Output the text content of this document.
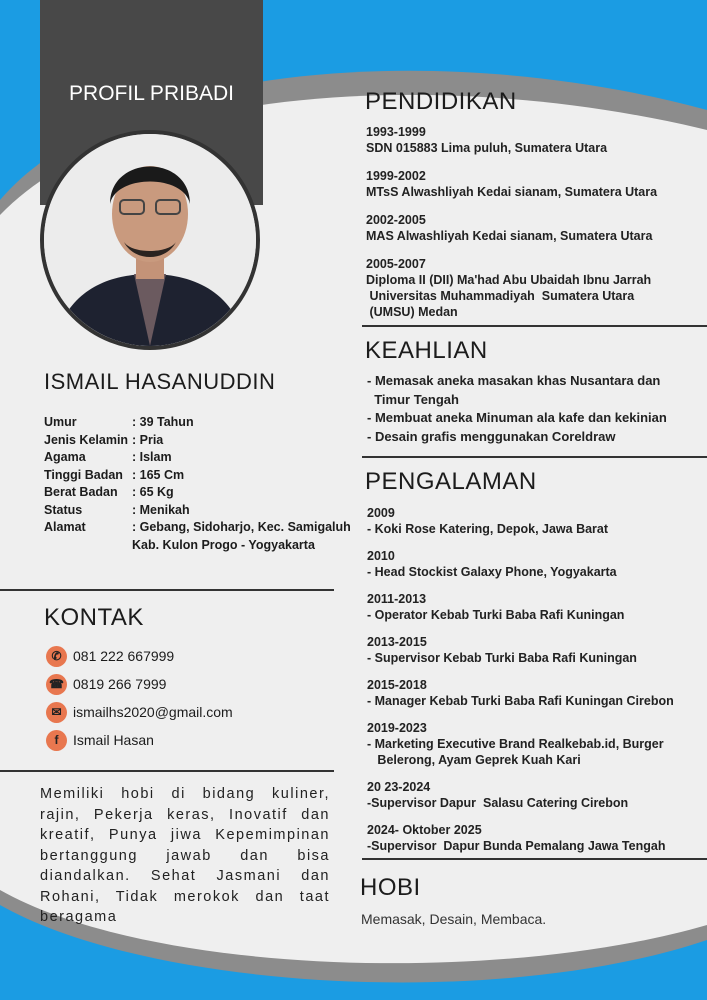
PROFIL PRIBADI
ISMAIL HASANUDDIN
Umur	: 39 Tahun
Jenis Kelamin	: Pria
Agama	: Islam
Tinggi Badan	: 165 Cm
Berat Badan	: 65 Kg
Status	: Menikah
Alamat	: Gebang, Sidoharjo, Kec. Samigaluh
Kab. Kulon Progo - Yogyakarta
KONTAK
✆ 081 222 667999
☎ 0819 266 7999
✉ ismailhs2020@gmail.com
f	Ismail Hasan
Memiliki hobi di bidang kuliner, rajin, Pekerja keras, Inovatif dan kreatif, Punya jiwa Kepemimpinan bertanggung jawab dan bisa diandalkan. Sehat Jasmani dan Rohani, Tidak merokok dan taat beragama
PENDIDIKAN
1993-1999
SDN 015883 Lima puluh, Sumatera Utara
1999-2002
MTsS Alwashliyah Kedai sianam, Sumatera Utara
2002-2005
MAS Alwashliyah Kedai sianam, Sumatera Utara
2005-2007
Diploma II (DII) Ma'had Abu Ubaidah Ibnu Jarrah
Universitas Muhammadiyah  Sumatera Utara
(UMSU) Medan
KEAHLIAN
- Memasak aneka masakan khas Nusantara dan
Timur Tengah
- Membuat aneka Minuman ala kafe dan kekinian
- Desain grafis menggunakan Coreldraw
PENGALAMAN
2009
- Koki Rose Katering, Depok, Jawa Barat
2010
- Head Stockist Galaxy Phone, Yogyakarta
2011-2013
- Operator Kebab Turki Baba Rafi Kuningan
2013-2015
- Supervisor Kebab Turki Baba Rafi Kuningan
2015-2018
- Manager Kebab Turki Baba Rafi Kuningan Cirebon
2019-2023
- Marketing Executive Brand Realkebab.id, Burger
Belerong, Ayam Geprek Kuah Kari
20 23-2024
-Supervisor Dapur  Salasu Catering Cirebon
2024- Oktober 2025
-Supervisor  Dapur Bunda Pemalang Jawa Tengah
HOBI
Memasak, Desain, Membaca.
